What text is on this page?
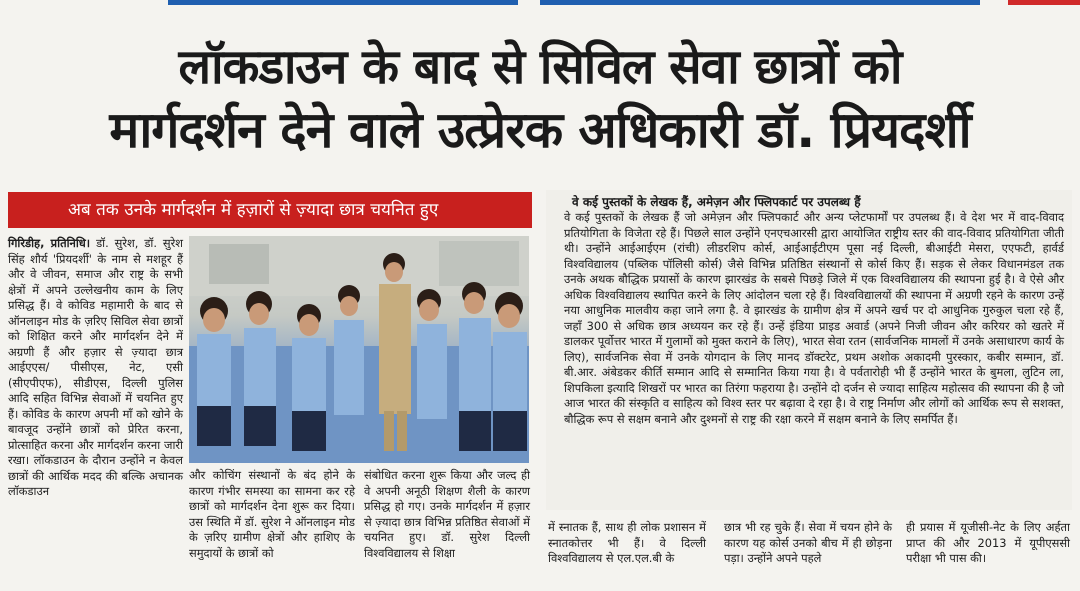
लॉकडाउन के बाद से सिविल सेवा छात्रों को
मार्गदर्शन देने वाले उत्प्रेरक अधिकारी डॉ. प्रियदर्शी
अब तक उनके मार्गदर्शन में हज़ारों से ज़्यादा छात्र चयनित हुए
गिरिडीह, प्रतिनिधि। डॉ. सुरेश, डॉ. सुरेश सिंह शौर्य 'प्रियदर्शी' के नाम से मशहूर हैं और वे जीवन, समाज और राष्ट्र के सभी क्षेत्रों में अपने उल्लेखनीय काम के लिए प्रसिद्ध हैं। वे कोविड महामारी के बाद से ऑनलाइन मोड के ज़रिए सिविल सेवा छात्रों को शिक्षित करने और मार्गदर्शन देने में अग्रणी हैं और हज़ार से ज़्यादा छात्र आईएएस/ पीसीएस, नेट, एसी (सीएपीएफ), सीडीएस, दिल्ली पुलिस आदि सहित विभिन्न सेवाओं में चयनित हुए हैं। कोविड के कारण अपनी माँ को खोने के बावजूद उन्होंने छात्रों को प्रेरित करना, प्रोत्साहित करना और मार्गदर्शन करना जारी रखा। लॉकडाउन के दौरान उन्होंने न केवल छात्रों की आर्थिक मदद की बल्कि अचानक लॉकडाउन
और कोचिंग संस्थानों के बंद होने के कारण गंभीर समस्या का सामना कर रहे छात्रों को मार्गदर्शन देना शुरू कर दिया। उस स्थिति में डॉ. सुरेश ने ऑनलाइन मोड के ज़रिए ग्रामीण क्षेत्रों और हाशिए के समुदायों के छात्रों को
संबोधित करना शुरू किया और जल्द ही वे अपनी अनूठी शिक्षण शैली के कारण प्रसिद्ध हो गए। उनके मार्गदर्शन में हज़ार से ज़्यादा छात्र विभिन्न प्रतिष्ठित सेवाओं में चयनित हुए। डॉ. सुरेश दिल्ली विश्वविद्यालय से शिक्षा
वे कई पुस्तकों के लेखक हैं, अमेज़न और फ्लिपकार्ट पर उपलब्ध हैं
वे कई पुस्तकों के लेखक हैं जो अमेज़न और फ्लिपकार्ट और अन्य प्लेटफार्मों पर उपलब्ध हैं। वे देश भर में वाद-विवाद प्रतियोगिता के विजेता रहे हैं। पिछले साल उन्होंने एनएचआरसी द्वारा आयोजित राष्ट्रीय स्तर की वाद-विवाद प्रतियोगिता जीती थी। उन्होंने आईआईएम (रांची) लीडरशिप कोर्स, आईआईटीएम पूसा नई दिल्ली, बीआईटी मेसरा, एएफटी, हार्वर्ड विश्वविद्यालय (पब्लिक पॉलिसी कोर्स) जैसे विभिन्न प्रतिष्ठित संस्थानों से कोर्स किए हैं। सड़क से लेकर विधानमंडल तक उनके अथक बौद्धिक प्रयासों के कारण झारखंड के सबसे पिछड़े जिले में एक विश्वविद्यालय की स्थापना हुई है। वे ऐसे और अधिक विश्वविद्यालय स्थापित करने के लिए आंदोलन चला रहे हैं। विश्वविद्यालयों की स्थापना में अग्रणी रहने के कारण उन्हें नया आधुनिक मालवीय कहा जाने लगा है. वे झारखंड के ग्रामीण क्षेत्र में अपने खर्च पर दो आधुनिक गुरुकुल चला रहे हैं, जहाँ 300 से अधिक छात्र अध्ययन कर रहे हैं। उन्हें इंडिया प्राइड अवार्ड (अपने निजी जीवन और करियर को खतरे में डालकर पूर्वोत्तर भारत में गुलामों को मुक्त कराने के लिए), भारत सेवा रतन (सार्वजनिक मामलों में उनके असाधारण कार्य के लिए), सार्वजनिक सेवा में उनके योगदान के लिए मानद डॉक्टरेट, प्रथम अशोक अकादमी पुरस्कार, कबीर सम्मान, डॉ. बी.आर. अंबेडकर कीर्ति सम्मान आदि से सम्मानित किया गया है। वे पर्वतारोही भी हैं उन्होंने भारत के बुमला, लुटिन ला, शिपकिला इत्यादि शिखरों पर भारत का तिरंगा फहराया है। उन्होंने दो दर्जन से ज्यादा साहित्य महोत्सव की स्थापना की है जो आज भारत की संस्कृति व साहित्य को विश्व स्तर पर बढ़ावा दे रहा है। वे राष्ट्र निर्माण और लोगों को आर्थिक रूप से सशक्त, बौद्धिक रूप से सक्षम बनाने और दुश्मनों से राष्ट्र की रक्षा करने में सक्षम बनाने के लिए समर्पित हैं।
में स्नातक हैं, साथ ही लोक प्रशासन में स्नातकोत्तर भी हैं। वे दिल्ली विश्वविद्यालय से एल.एल.बी के
छात्र भी रह चुके हैं। सेवा में चयन होने के कारण यह कोर्स उनको बीच में ही छोड़ना पड़ा। उन्होंने अपने पहले
ही प्रयास में यूजीसी-नेट के लिए अर्हता प्राप्त की और 2013 में यूपीएससी परीक्षा भी पास की।
